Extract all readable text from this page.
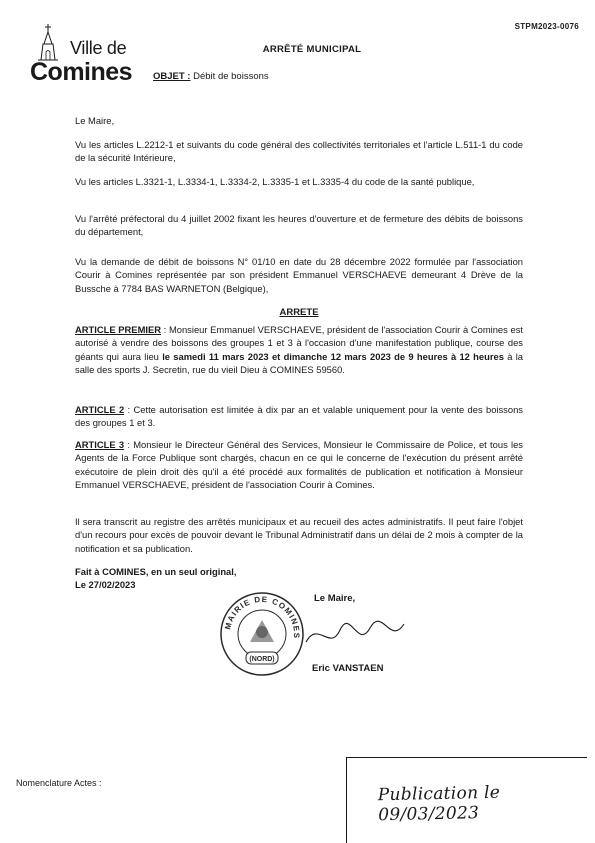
STPM2023-0076
Ville de
Comines
ARRÊTÉ MUNICIPAL
OBJET : Débit de boissons
Le Maire,
Vu les articles L.2212-1 et suivants du code général des collectivités territoriales et l'article L.511-1 du code de la sécurité Intérieure,
Vu les articles L.3321-1, L.3334-1, L.3334-2, L.3335-1 et L.3335-4 du code de la santé publique,
Vu l'arrêté préfectoral du 4 juillet 2002 fixant les heures d'ouverture et de fermeture des débits de boissons du département,
Vu la demande de débit de boissons N° 01/10 en date du 28 décembre 2022 formulée par l'association Courir à Comines représentée par son président Emmanuel VERSCHAEVE demeurant 4 Drève de la Bussche à 7784 BAS WARNETON (Belgique),
ARRETE
ARTICLE PREMIER : Monsieur Emmanuel VERSCHAEVE, président de l'association Courir à Comines est autorisé à vendre des boissons des groupes 1 et 3 à l'occasion d'une manifestation publique, course des géants qui aura lieu le samedi 11 mars 2023 et dimanche 12 mars 2023 de 9 heures à 12 heures à la salle des sports J. Secretin, rue du vieil Dieu à COMINES 59560.
ARTICLE 2 : Cette autorisation est limitée à dix par an et valable uniquement pour la vente des boissons des groupes 1 et 3.
ARTICLE 3 : Monsieur le Directeur Général des Services, Monsieur le Commissaire de Police, et tous les Agents de la Force Publique sont chargés, chacun en ce qui le concerne de l'exécution du présent arrêté exécutoire de plein droit dès qu'il a été procédé aux formalités de publication et notification à Monsieur Emmanuel VERSCHAEVE, président de l'association Courir à Comines.
Il sera transcrit au registre des arrêtés municipaux et au recueil des actes administratifs. Il peut faire l'objet d'un recours pour excès de pouvoir devant le Tribunal Administratif dans un délai de 2 mois à compter de la notification et sa publication.
Fait à COMINES, en un seul original,
Le 27/02/2023
Le Maire,
MAIRIE DE COMINES
(NORD)
Eric VANSTAEN
Nomenclature Actes :	Publication le 09/03/2023
